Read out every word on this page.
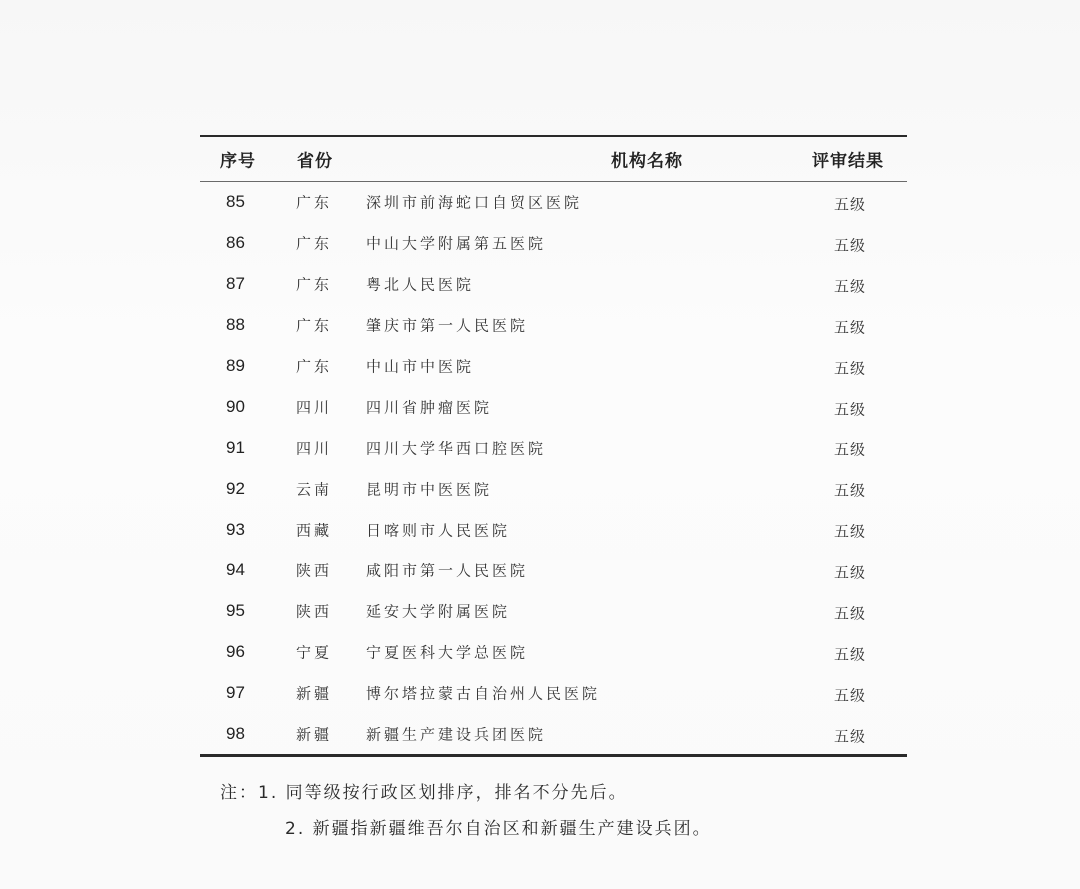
序号 省份	机构名称	评审结果
85	广东 深圳市前海蛇口自贸区医院	五级
86	广东 中山大学附属第五医院	五级
87	广东 粤北人民医院	五级
88	广东 肇庆市第一人民医院	五级
89	广东 中山市中医院	五级
90	四川 四川省肿瘤医院	五级
91	四川 四川大学华西口腔医院	五级
92	云南 昆明市中医医院	五级
93	西藏 日喀则市人民医院	五级
94	陕西 咸阳市第一人民医院	五级
95	陕西 延安大学附属医院	五级
96	宁夏 宁夏医科大学总医院	五级
97	新疆 博尔塔拉蒙古自治州人民医院	五级
98	新疆 新疆生产建设兵团医院	五级
注：1. 同等级按行政区划排序，排名不分先后。
2. 新疆指新疆维吾尔自治区和新疆生产建设兵团。
